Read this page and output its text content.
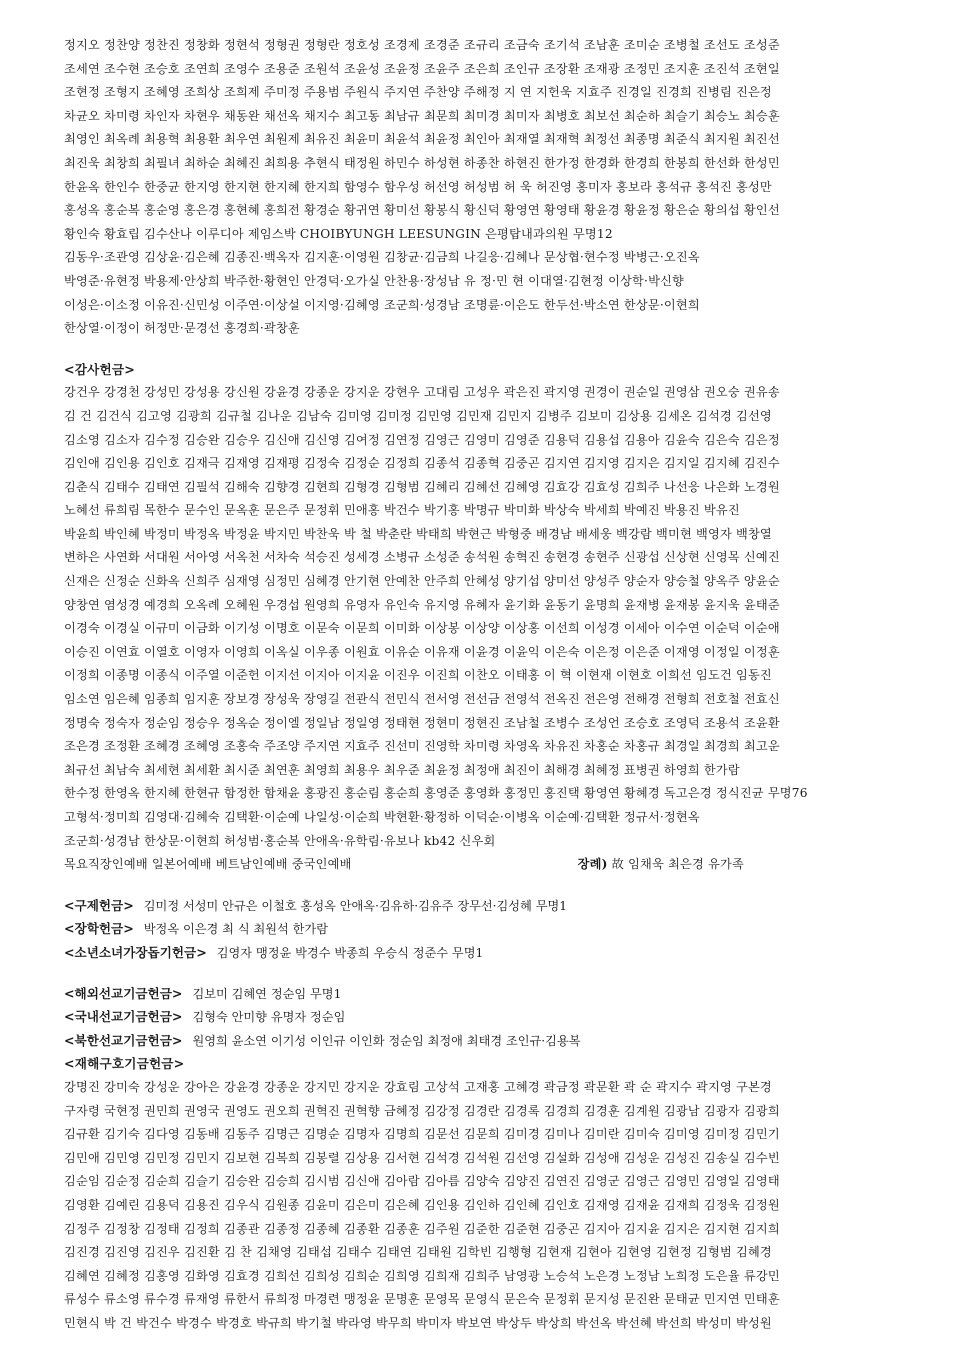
정지오 정찬양 정찬진 정창화 정현석 정형권 정형란 정호성 조경제 조경준 조규리 조금숙 조기석 조남훈 조미순 조병철 조선도 조성준
조세연 조수현 조승호 조연희 조영수 조용준 조원석 조윤성 조윤정 조윤주 조은희 조인규 조장환 조재광 조정민 조지훈 조진석 조현일
조현정 조형지 조혜영 조희상 조희제 주미정 주용범 주원식 주지연 주찬양 주해정 지 연 지헌욱 지효주 진경일 진경희 진병림 진은정
차균오 차미령 차인자 차현우 채동완 채선옥 채지수 최고동 최남규 최문희 최미경 최미자 최병호 최보선 최순하 최슬기 최승노 최승훈
최영인 최옥례 최용혁 최용환 최우연 최원제 최유진 최윤미 최윤석 최윤정 최인아 최재열 최재혁 최정선 최종명 최준식 최지원 최진선
최진욱 최창희 최필녀 최하순 최혜진 최희용 추현식 태정원 하민수 하성현 하종찬 하현진 한가정 한경화 한경희 한봉희 한선화 한성민
한윤옥 한인수 한중균 한지영 한지현 한지혜 한지희 함영수 함우성 허선영 허성범 허 욱 허진영 홍미자 홍보라 홍석규 홍석진 홍성만
홍성옥 홍순복 홍순영 홍은경 홍현혜 홍희전 황경순 황귀연 황미선 황봉식 황신덕 황영연 황영태 황윤경 황윤정 황은순 황의섭 황인선
황인숙 황효립 김수산나 이루디아 제임스박 CHOIBYUNGH LEESUNGIN 은평탑내과의원 무명12
김동우·조관영 김상윤·김은혜 김종진·백옥자 김지훈·이영원 김창균·김금희 나길응·김혜나 문상협·현수정 박병근·오진옥
박영준·유현정 박용제·안상희 박주한·황현인 안경덕·오가실 안찬용·장성남 유 정·민 현 이대열·김현정 이상학·박신향
이성은·이소정 이유진·신민성 이주연·이상설 이지영·김혜영 조군희·성경남 조명륜·이은도 한두선·박소연 한상문·이현희
한상열·이정이 허정만·문경선 홍경희·곽창훈
<감사헌금>
강건우 강경천 강성민 강성용 강신원 강윤경 강종운 강지운 강현우 고대림 고성우 곽은진 곽지영 권경이 권순일 권영삼 권오숭 권유송
김 건 김건식 김고영 김광희 김규철 김나운 김남숙 김미영 김미정 김민영 김민재 김민지 김병주 김보미 김상용 김세온 김석경 김선영
김소영 김소자 김수정 김승완 김승우 김신애 김신영 김여정 김연정 김영근 김영미 김영준 김용덕 김용섭 김용아 김윤숙 김은숙 김은정
김인애 김인용 김인호 김재극 김재영 김재평 김정숙 김정순 김정희 김종석 김종혁 김중곤 김지연 김지영 김지은 김지일 김지혜 김진수
김춘식 김태수 김태연 김필석 김해숙 김향경 김현희 김형경 김형범 김혜리 김혜선 김혜영 김효강 김효성 김희주 나선응 나은화 노경원
노혜선 류희림 목한수 문수인 문옥훈 문은주 문정휘 민애홍 박건수 박기홍 박명규 박미화 박상숙 박세희 박예진 박용진 박유진
박윤희 박인혜 박정미 박정옥 박정윤 박지민 박찬욱 박 철 박춘란 박태희 박현근 박형중 배경남 배세웅 백강람 백미현 백영자 백창열
변하은 사연화 서대원 서아영 서옥천 서차숙 석승진 성세경 소병규 소성준 송석원 송혁진 송현경 송현주 신광섭 신상현 신영목 신예진
신재은 신정순 신화옥 신희주 심재영 심정민 심혜경 안기현 안예찬 안주희 안혜성 양기섭 양미선 양성주 양순자 양승철 양옥주 양윤순
양창연 염성경 예경희 오옥례 오혜원 우경섭 원영희 유영자 유인숙 유지영 유혜자 윤기화 윤동기 윤명희 윤재병 윤재봉 윤지욱 윤태준
이경숙 이경실 이규미 이금화 이기성 이명호 이문숙 이문희 이미화 이상봉 이상양 이상홍 이선희 이성경 이세아 이수연 이순덕 이순애
이승진 이연효 이열호 이영자 이영희 이옥실 이우종 이원효 이유순 이유재 이윤경 이윤익 이은숙 이은정 이은준 이재영 이정일 이정훈
이정희 이종명 이종식 이주열 이준헌 이지선 이지아 이지윤 이진우 이진희 이찬오 이태홍 이 혁 이현재 이현호 이희선 임도건 임동진
임소연 임은혜 임종희 임지훈 장보경 장성욱 장영길 전관식 전민식 전서영 전선금 전영석 전옥진 전은영 전해경 전형희 전호철 전효신
정명숙 정숙자 정순임 정승우 정옥순 정이엘 정일남 정일영 정태현 정현미 정현진 조남철 조병수 조성언 조승호 조영덕 조용석 조윤환
조은경 조정환 조혜경 조혜영 조홍숙 주조양 주지연 지효주 진선미 진영학 차미령 차영옥 차유진 차홍순 차홍규 최경일 최경희 최고운
최규선 최남숙 최세현 최세환 최시준 최연훈 최영희 최용우 최우준 최윤정 최정애 최진이 최해경 최혜정 표병권 하영희 한가람
한수정 한영옥 한지혜 한현규 함정한 함채윤 홍광진 홍순림 홍순희 홍영준 홍영화 홍정민 홍진택 황영연 황혜경 독고은경 정식진균 무명76
고형석·정미희 김영대·김혜숙 김택환·이순예 나일성·이순희 박현환·황정하 이덕순·이병옥 이순예·김택환 정규서·정현옥
조군희·성경남 한상문·이현희 허성범·홍순복 안애옥·유학림·유보나 kb42 신우회
목요직장인예배 일본어예배 베트남인예배 중국인예배	장례) 故 임채욱 최은경 유가족
<구제헌금> 김미정 서성미 안규은 이철호 홍성옥 안애옥·김유하·김유주 장무선·김성혜 무명1
<장학헌금> 박정옥 이은경 최 식 최원석 한가람
<소년소녀가장돕기헌금> 김영자 맹정윤 박경수 박종희 우승식 정준수 무명1
<해외선교기금헌금> 김보미 김혜연 정순임 무명1
<국내선교기금헌금> 김형숙 안미향 유명자 정순임
<북한선교기금헌금> 원영희 윤소연 이기성 이인규 이인화 정순임 최정애 최태경 조인규·김용복
<재해구호기금헌금>
강명진 강미숙 강성운 강아은 강윤경 강종운 강지민 강지운 강효림 고상석 고재홍 고혜경 곽금정 곽문환 곽 순 곽지수 곽지영 구본경
구자령 국현정 권민희 권영국 권영도 권오희 권혁진 권혁향 금혜정 김강정 김경란 김경록 김경희 김경훈 김계원 김광남 김광자 김광희
김규환 김기숙 김다영 김동배 김동주 김명근 김명순 김명자 김명희 김문선 김문희 김미경 김미나 김미란 김미숙 김미영 김미정 김민기
김민애 김민영 김민정 김민지 김보현 김복희 김봉렬 김상용 김서현 김석경 김석원 김선영 김설화 김성애 김성운 김성진 김송실 김수빈
김순임 김순정 김순희 김슬기 김승완 김승희 김시범 김신애 김아람 김아름 김양숙 김양진 김연진 김영군 김영근 김영민 김영일 김영태
김영환 김예린 김용덕 김용진 김우식 김원종 김윤미 김은미 김은혜 김인용 김인하 김인혜 김인호 김재영 김재윤 김재희 김정욱 김정원
김정주 김정창 김정태 김정희 김종관 김종정 김종혜 김종환 김종훈 김주원 김준한 김준현 김중곤 김지아 김지윤 김지은 김지현 김지희
김진경 김진영 김진우 김진환 김 찬 김채영 김태섭 김태수 김태연 김태원 김학빈 김행형 김현재 김현아 김현영 김현정 김형범 김혜경
김혜연 김혜정 김홍영 김화영 김효경 김희선 김희성 김희순 김희영 김희재 김희주 남영광 노승석 노은경 노정남 노희정 도은율 류강민
류성수 류소영 류수경 류재영 류한서 류희정 마경련 맹정윤 문명훈 문영목 문영식 문은숙 문정휘 문지성 문진완 문태균 민지연 민태훈
민현식 박 건 박건수 박경수 박경호 박규희 박기철 박라영 박무희 박미자 박보연 박상두 박상희 박선옥 박선혜 박선희 박성미 박성원
